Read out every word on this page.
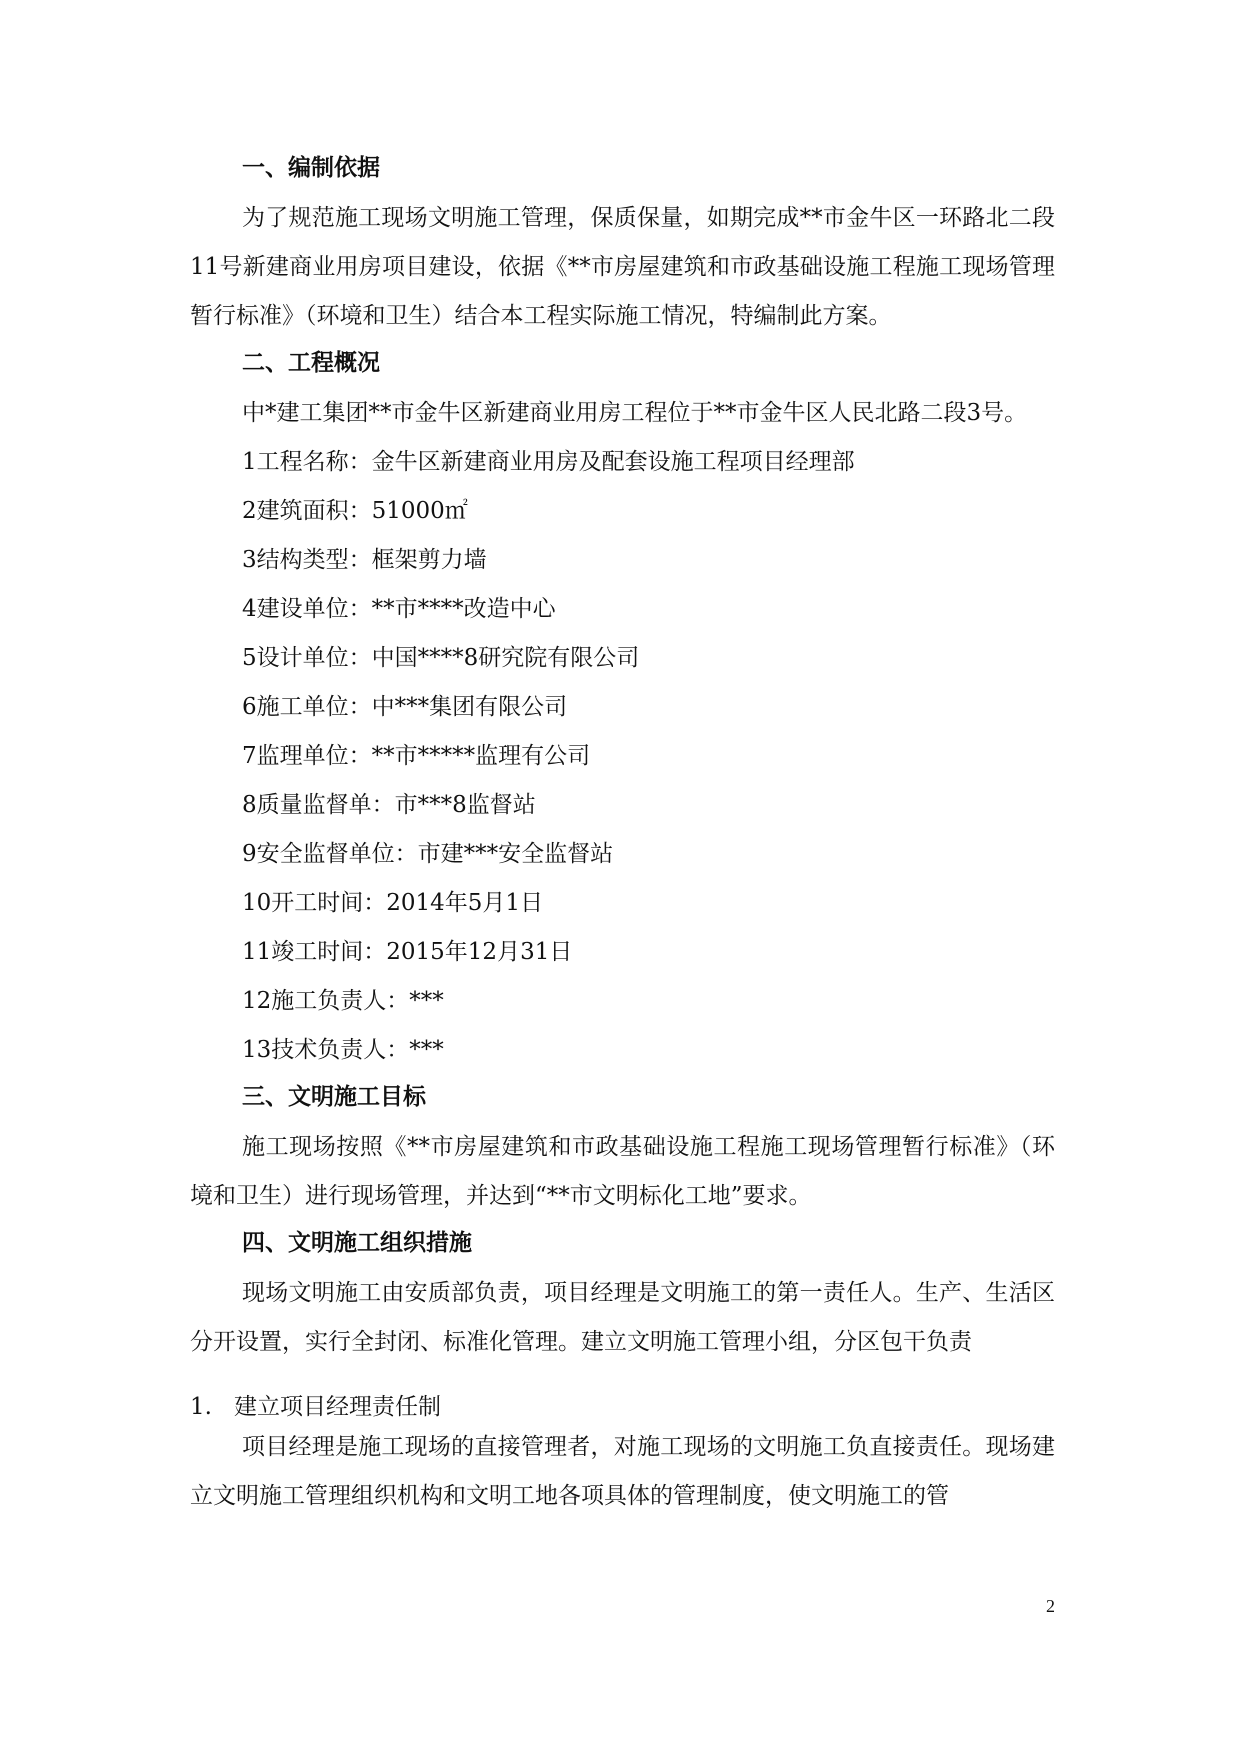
一、编制依据

为了规范施工现场文明施工管理，保质保量，如期完成**市金牛区一环路北二段11号新建商业用房项目建设，依据《**市房屋建筑和市政基础设施工程施工现场管理暂行标准》（环境和卫生）结合本工程实际施工情况，特编制此方案。

二、工程概况

中*建工集团**市金牛区新建商业用房工程位于**市金牛区人民北路二段3号。

1工程名称：金牛区新建商业用房及配套设施工程项目经理部

2建筑面积：51000㎡

3结构类型：框架剪力墙

4建设单位：**市****改造中心

5设计单位：中国****8研究院有限公司

6施工单位：中***集团有限公司

7监理单位：**市*****监理有公司

8质量监督单：市***8监督站

9安全监督单位：市建***安全监督站

10开工时间：2014年5月1日

11竣工时间：2015年12月31日

12施工负责人：***

13技术负责人：***

三、文明施工目标

施工现场按照《**市房屋建筑和市政基础设施工程施工现场管理暂行标准》（环境和卫生）进行现场管理，并达到“**市文明标化工地”要求。

四、文明施工组织措施

现场文明施工由安质部负责，项目经理是文明施工的第一责任人。生产、生活区分开设置，实行全封闭、标准化管理。建立文明施工管理小组，分区包干负责

1. 建立项目经理责任制

项目经理是施工现场的直接管理者，对施工现场的文明施工负直接责任。现场建立文明施工管理组织机构和文明工地各项具体的管理制度，使文明施工的管

2
